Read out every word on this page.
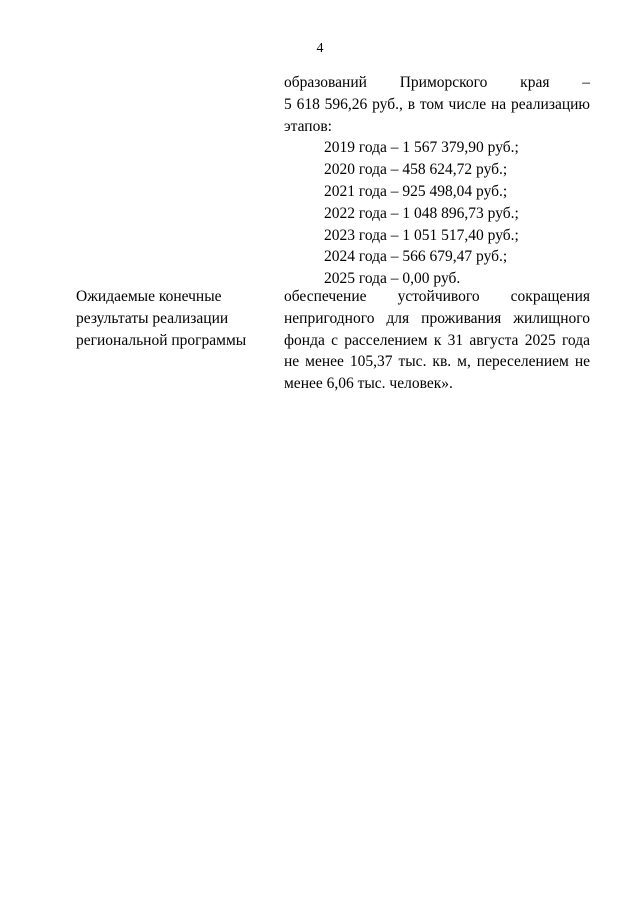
4
образований Приморского края –
5 618 596,26 руб., в том числе на реализацию
этапов:
2019 года – 1 567 379,90 руб.;
2020 года – 458 624,72 руб.;
2021 года – 925 498,04 руб.;
2022 года – 1 048 896,73 руб.;
2023 года – 1 051 517,40 руб.;
2024 года – 566 679,47 руб.;
2025 года – 0,00 руб.
Ожидаемые конечные
результаты реализации
региональной программы
обеспечение устойчивого сокращения
непригодного для проживания жилищного
фонда с расселением к 31 августа 2025 года
не менее 105,37 тыс. кв. м, переселением не
менее 6,06 тыс. человек».
